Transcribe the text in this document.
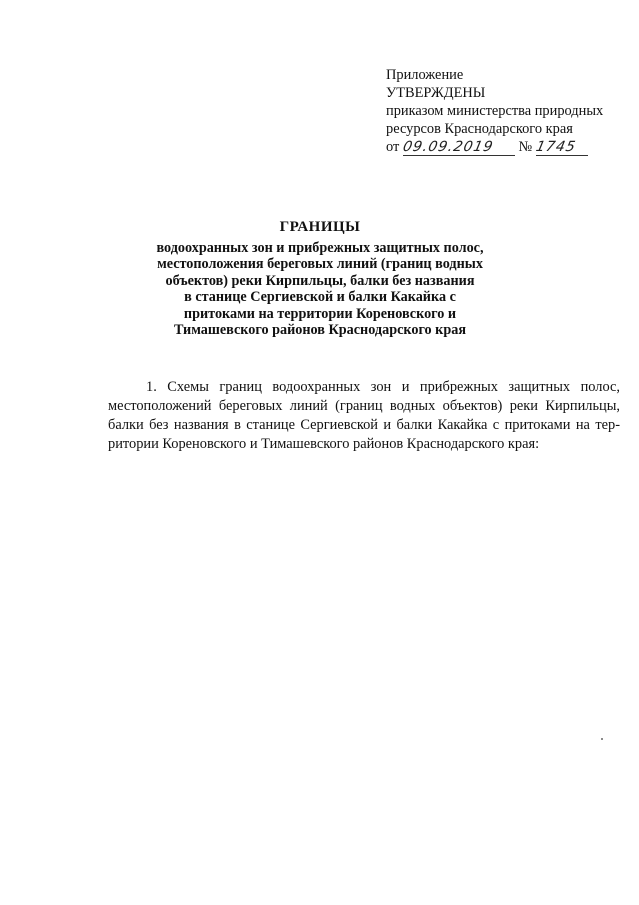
Приложение

УТВЕРЖДЕНЫ

приказом министерства природных

ресурсов Краснодарского края

от 09.09.2019 № 1745

ГРАНИЦЫ

водоохранных зон и прибрежных защитных полос,

местоположения береговых линий (границ водных

объектов) реки Кирпильцы, балки без названия

в станице Сергиевской и балки Какайка с

притоками на территории Кореновского и

Тимашевского районов Краснодарского края

1. Схемы границ водоохранных зон и прибрежных защитных полос,

местоположений береговых линий (границ водных объектов) реки Кирпильцы,

балки без названия в станице Сергиевской и балки Какайка с притоками на тер-

ритории Кореновского и Тимашевского районов Краснодарского края:
